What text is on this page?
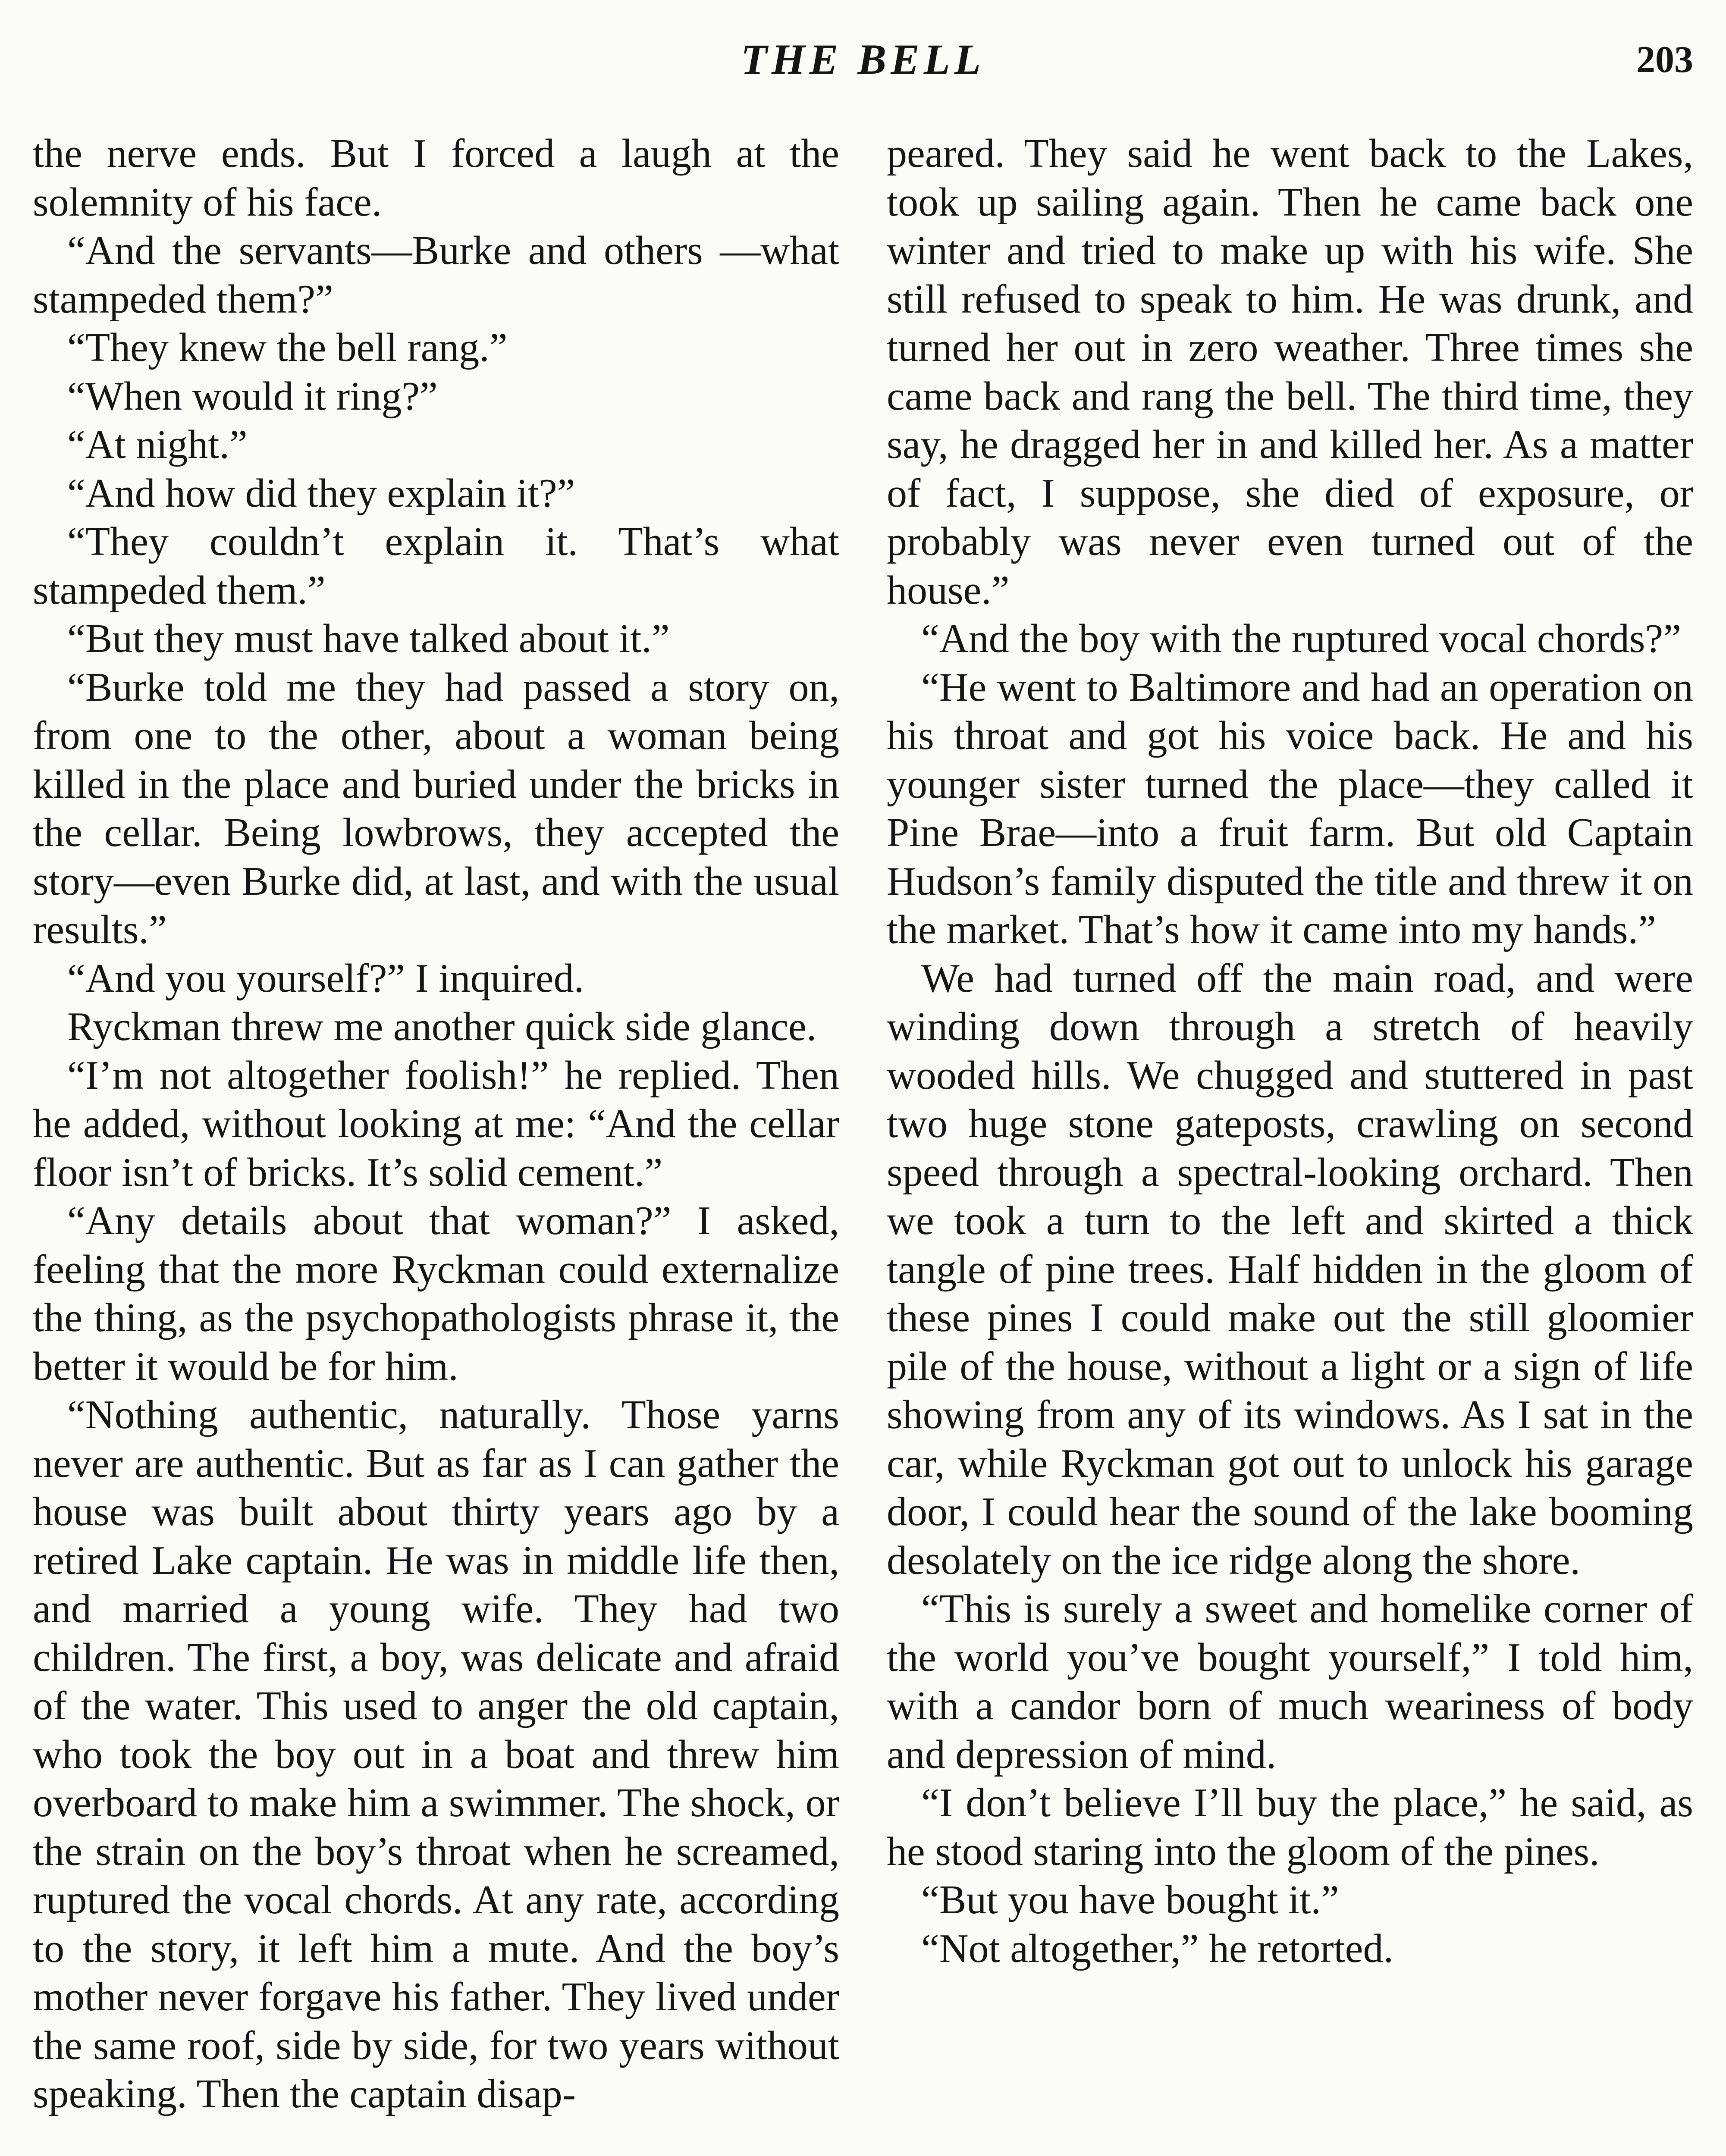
THE BELL	203

the nerve ends. But I forced a laugh at the solemnity of his face.

“And the servants—Burke and others —what stampeded them?”

“They knew the bell rang.”

“When would it ring?”

“At night.”

“And how did they explain it?”

“They couldn’t explain it. That’s what stampeded them.”

“But they must have talked about it.”

“Burke told me they had passed a story on, from one to the other, about a woman being killed in the place and buried under the bricks in the cellar. Being lowbrows, they accepted the story—even Burke did, at last, and with the usual results.”

“And you yourself?” I inquired.

Ryckman threw me another quick side glance.

“I’m not altogether foolish!” he replied. Then he added, without looking at me: “And the cellar floor isn’t of bricks. It’s solid cement.”

“Any details about that woman?” I asked, feeling that the more Ryckman could externalize the thing, as the psychopathologists phrase it, the better it would be for him.

“Nothing authentic, naturally. Those yarns never are authentic. But as far as I can gather the house was built about thirty years ago by a retired Lake captain. He was in middle life then, and married a young wife. They had two children. The first, a boy, was delicate and afraid of the water. This used to anger the old captain, who took the boy out in a boat and threw him overboard to make him a swimmer. The shock, or the strain on the boy’s throat when he screamed, ruptured the vocal chords. At any rate, according to the story, it left him a mute. And the boy’s mother never forgave his father. They lived under the same roof, side by side, for two years without speaking. Then the captain disap-

peared. They said he went back to the Lakes, took up sailing again. Then he came back one winter and tried to make up with his wife. She still refused to speak to him. He was drunk, and turned her out in zero weather. Three times she came back and rang the bell. The third time, they say, he dragged her in and killed her. As a matter of fact, I suppose, she died of exposure, or probably was never even turned out of the house.”

“And the boy with the ruptured vocal chords?”

“He went to Baltimore and had an operation on his throat and got his voice back. He and his younger sister turned the place—they called it Pine Brae—into a fruit farm. But old Captain Hudson’s family disputed the title and threw it on the market. That’s how it came into my hands.”

We had turned off the main road, and were winding down through a stretch of heavily wooded hills. We chugged and stuttered in past two huge stone gateposts, crawling on second speed through a spectral-looking orchard. Then we took a turn to the left and skirted a thick tangle of pine trees. Half hidden in the gloom of these pines I could make out the still gloomier pile of the house, without a light or a sign of life showing from any of its windows. As I sat in the car, while Ryckman got out to unlock his garage door, I could hear the sound of the lake booming desolately on the ice ridge along the shore.

“This is surely a sweet and homelike corner of the world you’ve bought yourself,” I told him, with a candor born of much weariness of body and depression of mind.

“I don’t believe I’ll buy the place,” he said, as he stood staring into the gloom of the pines.

“But you have bought it.”

“Not altogether,” he retorted.
